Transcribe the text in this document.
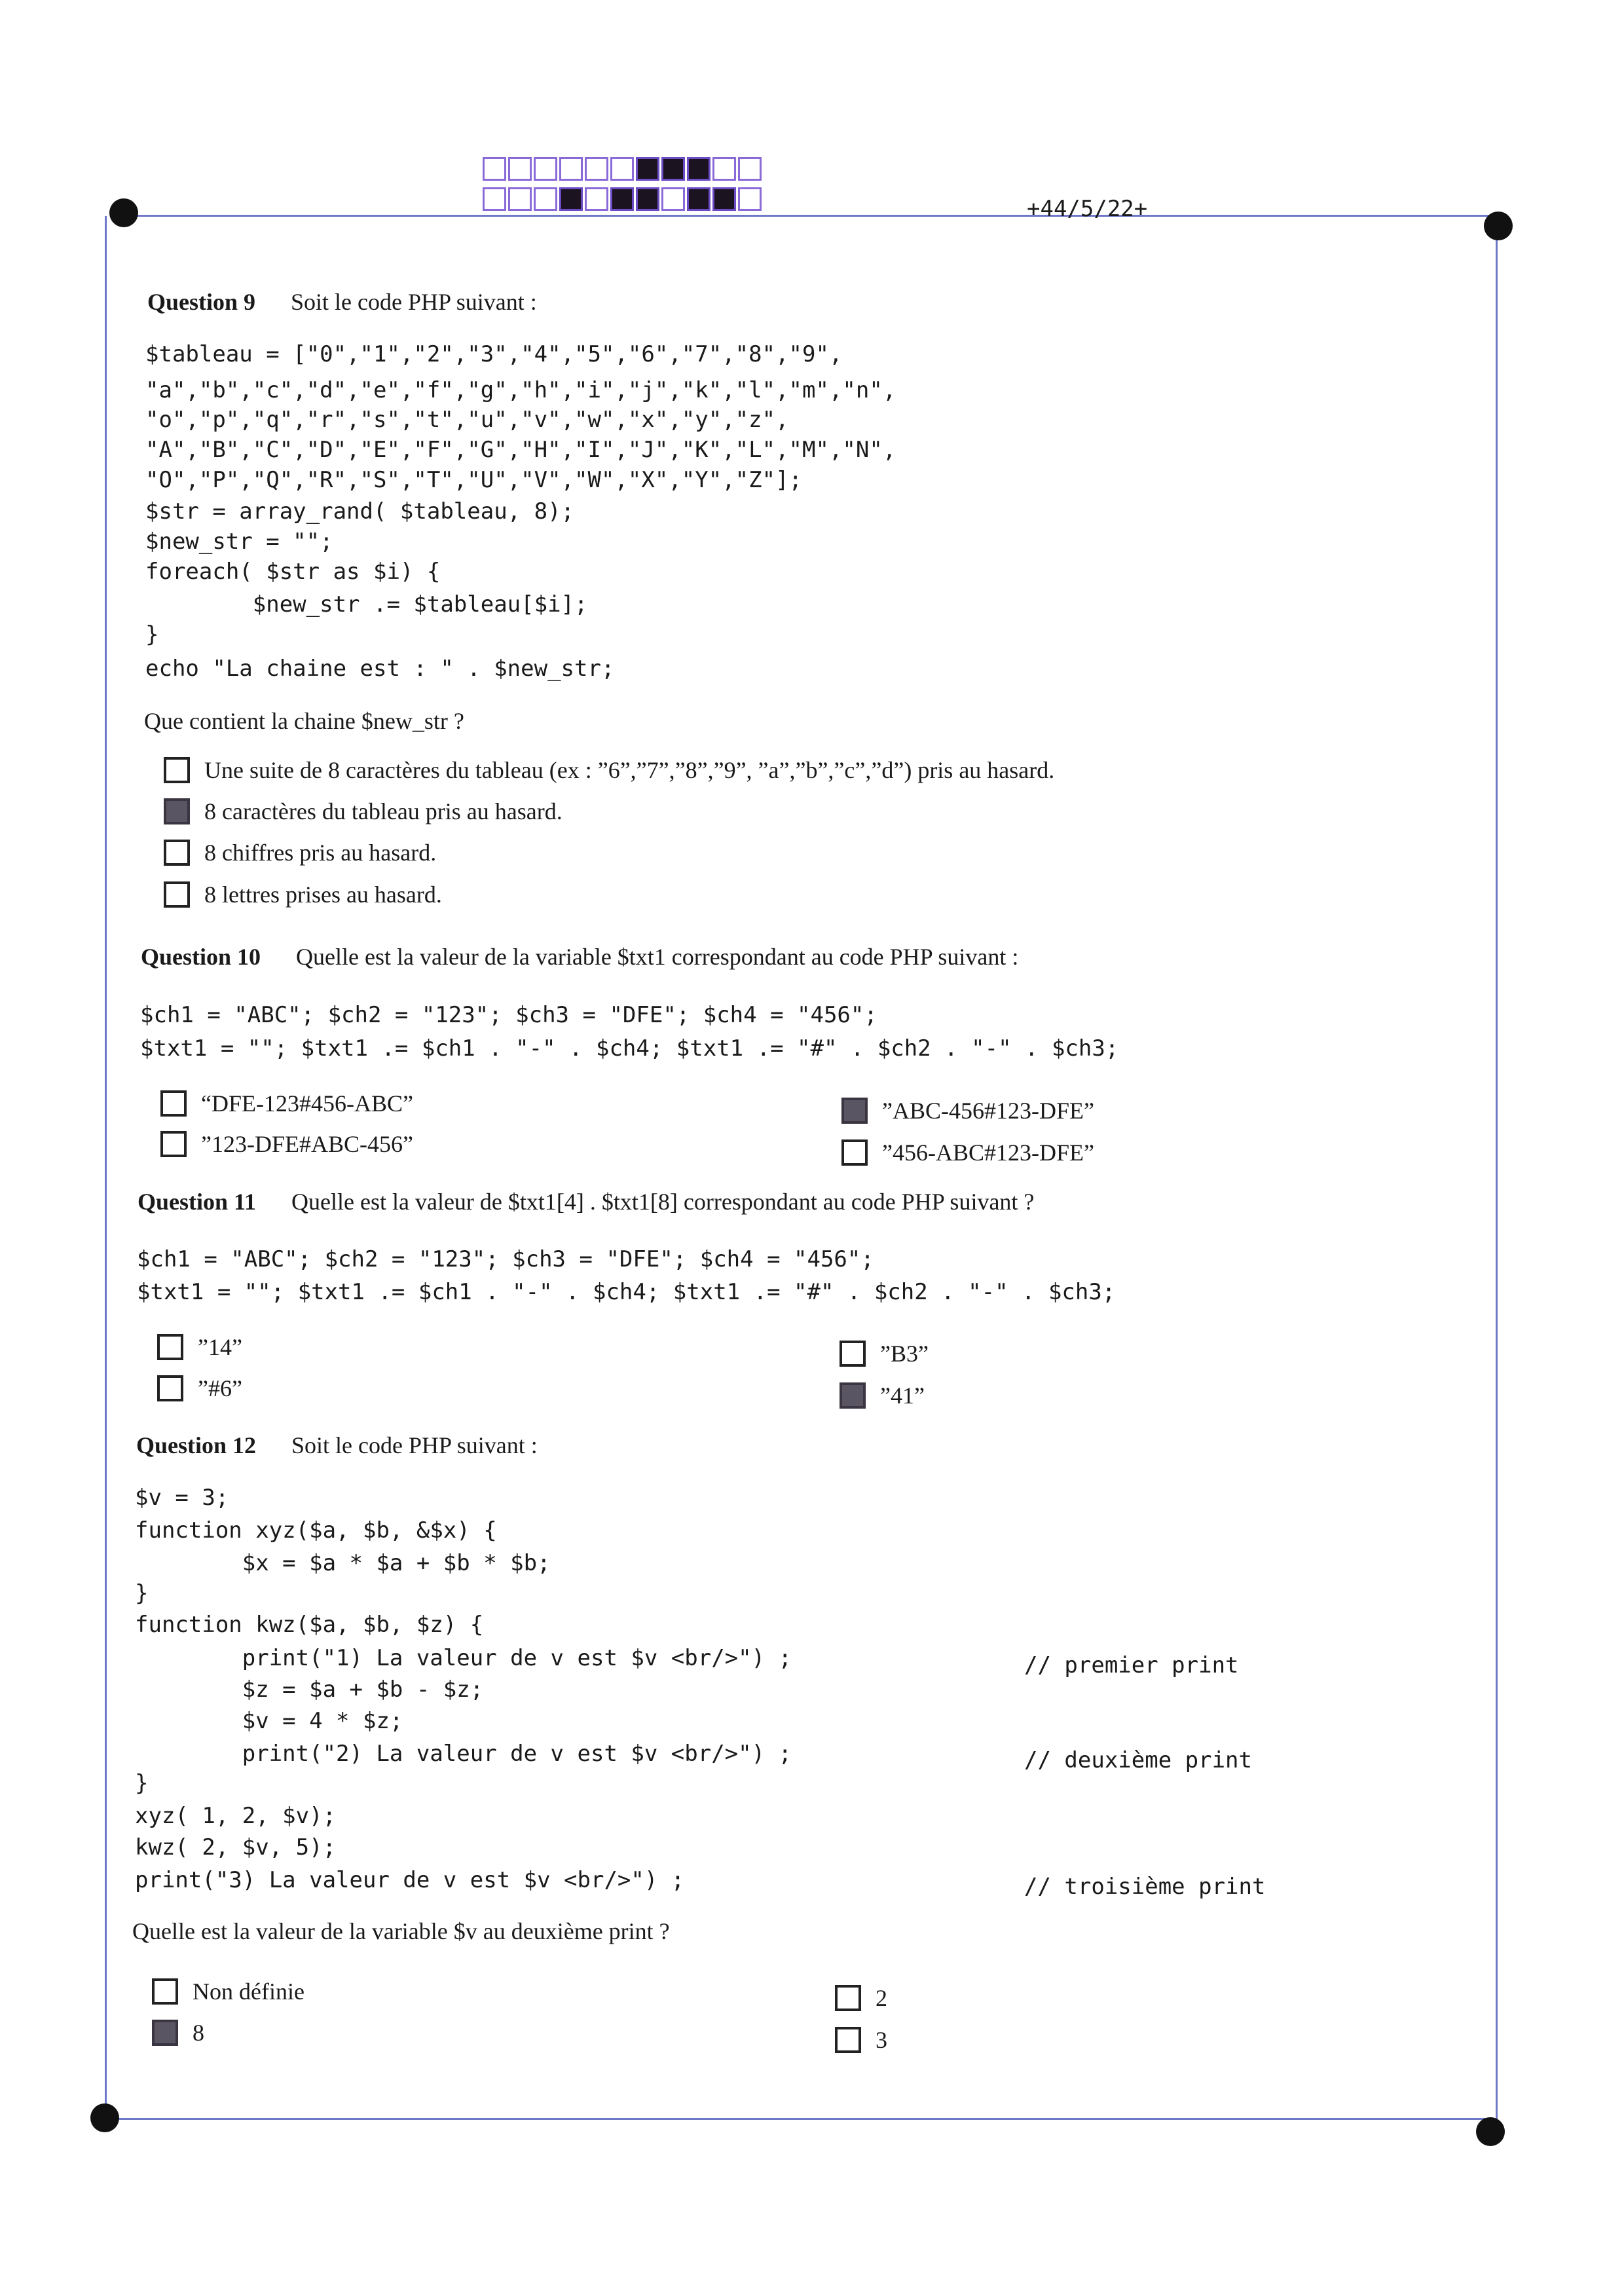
+44/5/22+
Question 9 Soit le code PHP suivant :
$tableau = ["0","1","2","3","4","5","6","7","8","9",
"a","b","c","d","e","f","g","h","i","j","k","l","m","n",
"o","p","q","r","s","t","u","v","w","x","y","z",
"A","B","C","D","E","F","G","H","I","J","K","L","M","N",
"O","P","Q","R","S","T","U","V","W","X","Y","Z"];
$str = array_rand( $tableau, 8);
$new_str = "";
foreach( $str as $i) {
$new_str .= $tableau[$i];
}
echo "La chaine est : " . $new_str;
Que contient la chaine $new_str ?
Une suite de 8 caractères du tableau (ex : ”6”,”7”,”8”,”9”, ”a”,”b”,”c”,”d”) pris au hasard.
8 caractères du tableau pris au hasard.
8 chiffres pris au hasard.
8 lettres prises au hasard.
Question 10 Quelle est la valeur de la variable $txt1 correspondant au code PHP suivant :
$ch1 = "ABC"; $ch2 = "123"; $ch3 = "DFE"; $ch4 = "456";
$txt1 = ""; $txt1 .= $ch1 . "-" . $ch4; $txt1 .= "#" . $ch2 . "-" . $ch3;
“DFE-123#456-ABC”
”123-DFE#ABC-456”
”ABC-456#123-DFE”
”456-ABC#123-DFE”
Question 11 Quelle est la valeur de $txt1[4] . $txt1[8] correspondant au code PHP suivant ?
$ch1 = "ABC"; $ch2 = "123"; $ch3 = "DFE"; $ch4 = "456";
$txt1 = ""; $txt1 .= $ch1 . "-" . $ch4; $txt1 .= "#" . $ch2 . "-" . $ch3;
”14”
”#6”
”B3”
”41”
Question 12 Soit le code PHP suivant :
$v = 3;
function xyz($a, $b, &$x) {
$x = $a * $a + $b * $b;
}
function kwz($a, $b, $z) {
print("1) La valeur de v est $v <br/>") ;
$z = $a + $b - $z;
$v = 4 * $z;
print("2) La valeur de v est $v <br/>") ;
}
xyz( 1, 2, $v);
kwz( 2, $v, 5);
print("3) La valeur de v est $v <br/>") ;
// premier print
// deuxième print
// troisième print
Quelle est la valeur de la variable $v au deuxième print ?
Non définie
8
2
3
